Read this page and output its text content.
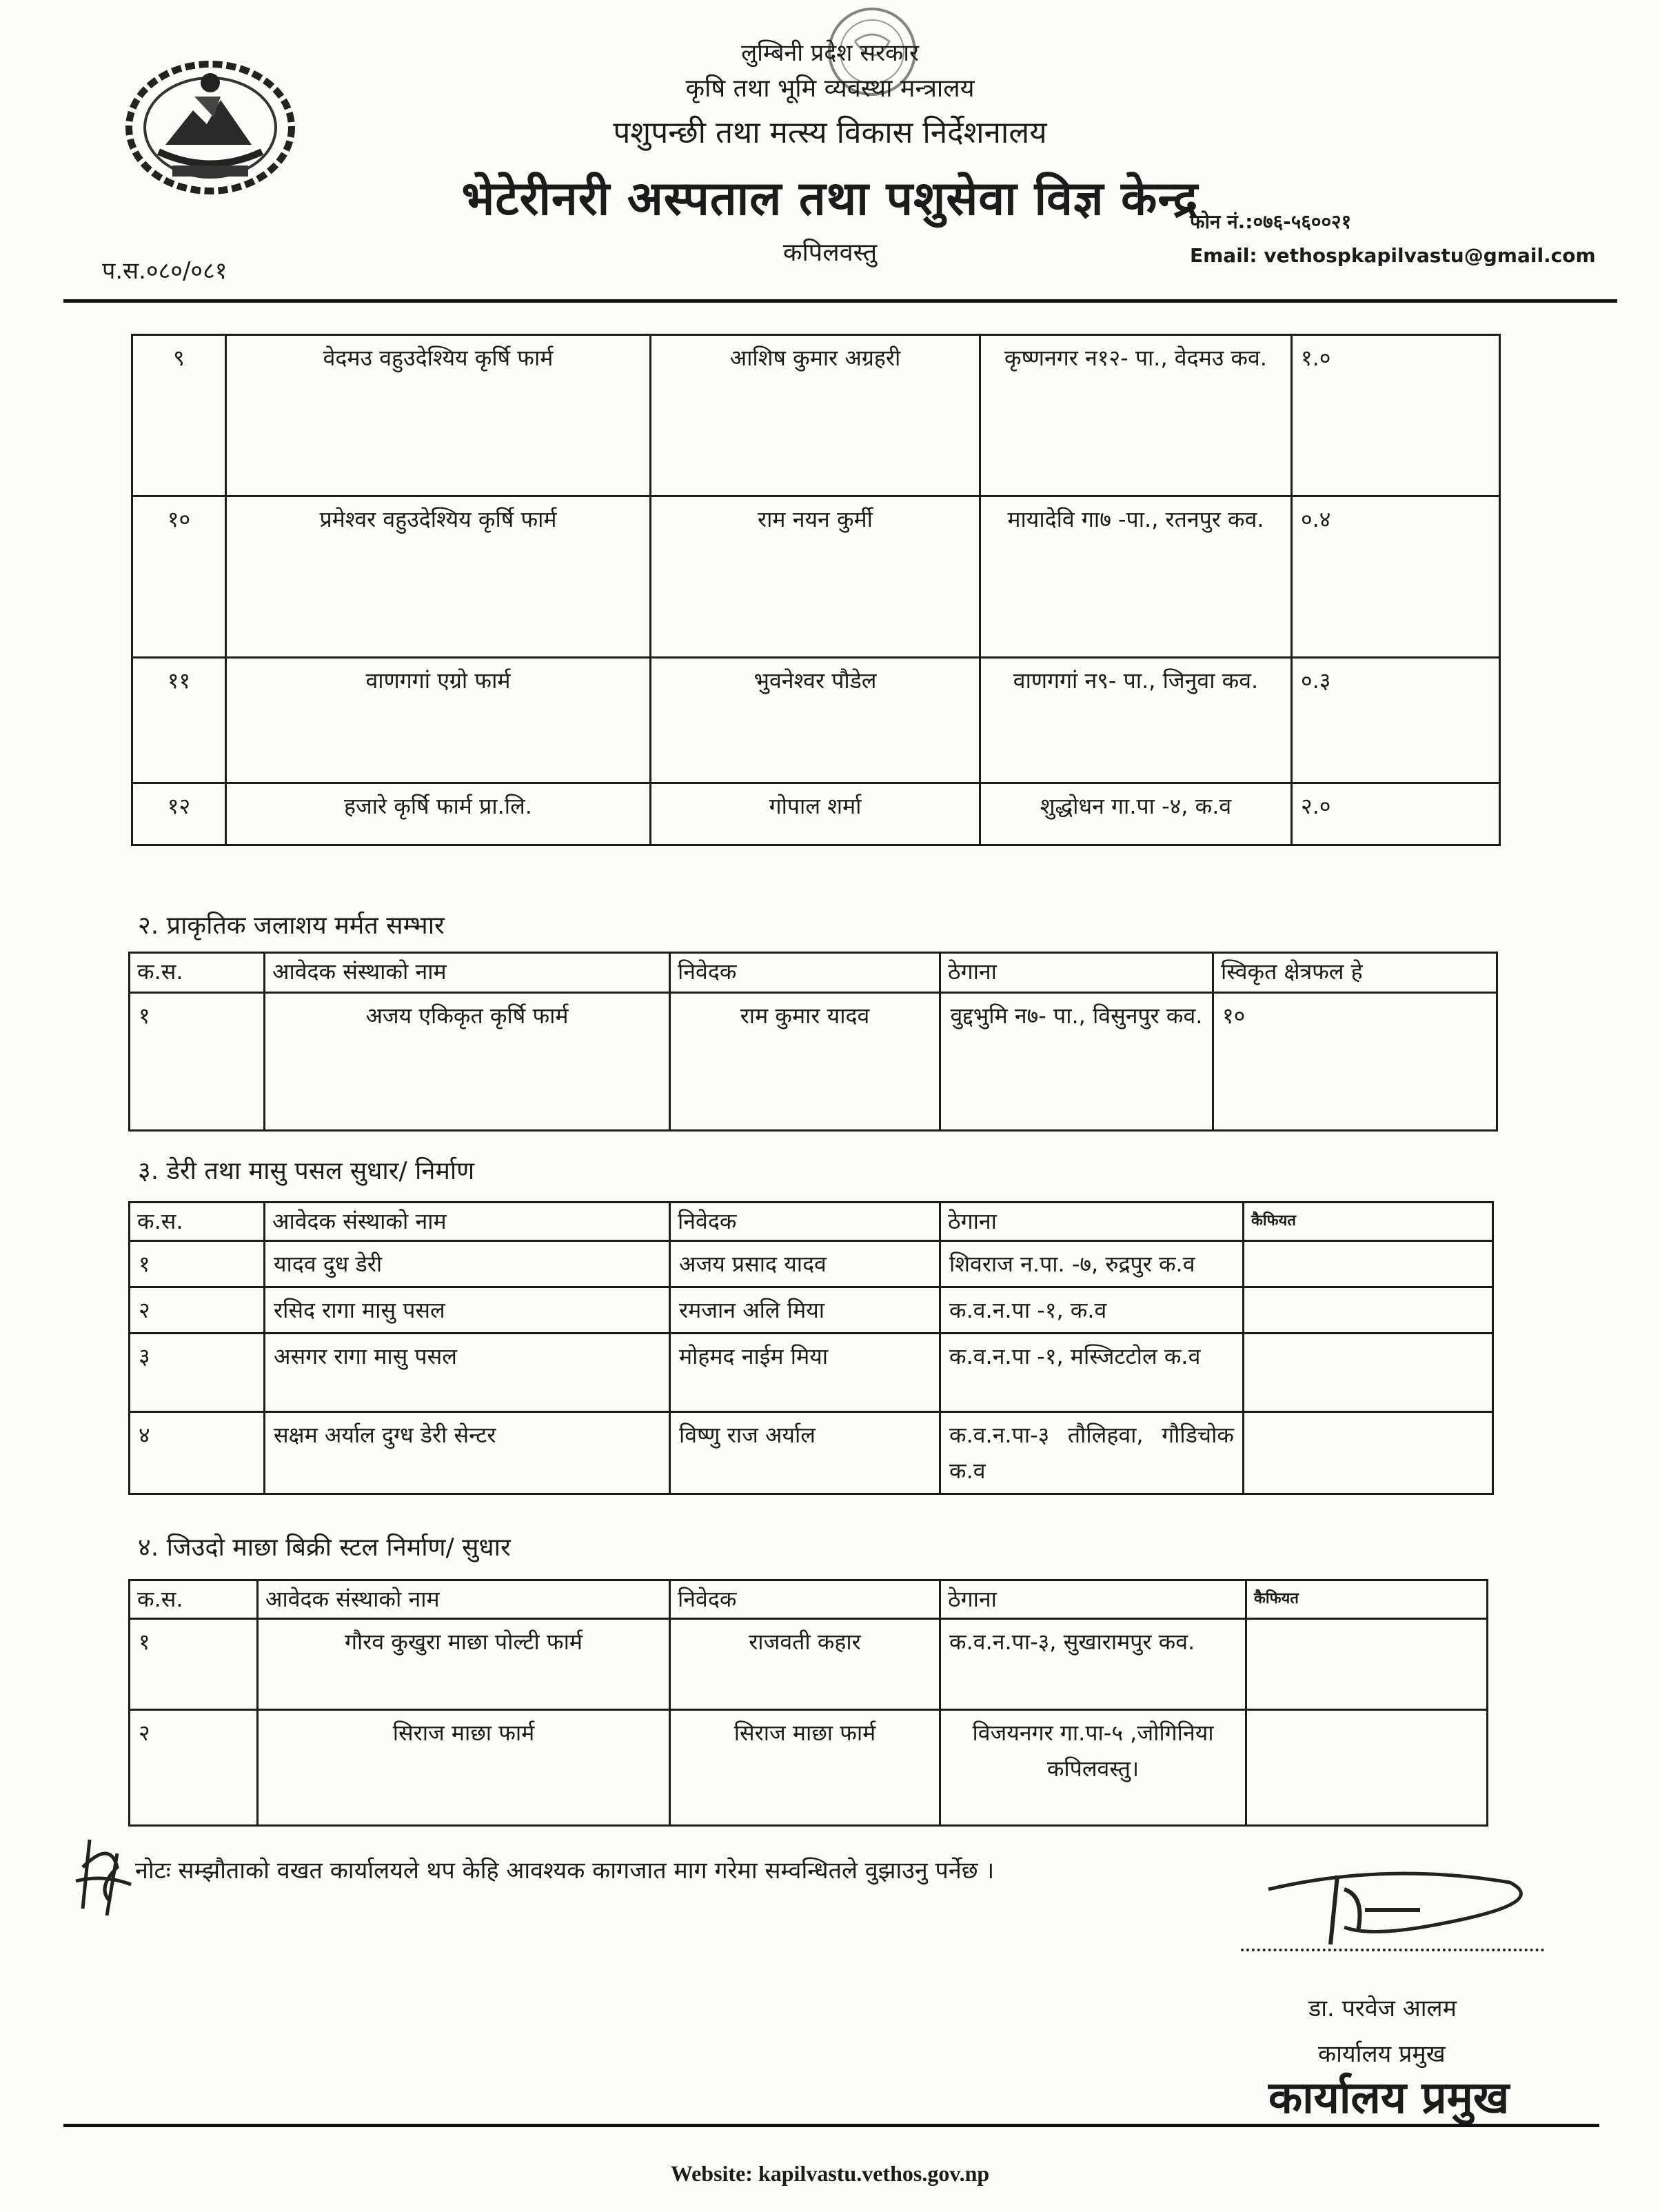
लुम्बिनी प्रदेश सरकार
कृषि तथा भूमि व्यवस्था मन्त्रालय
पशुपन्छी तथा मत्स्य विकास निर्देशनालय
भेटेरीनरी अस्पताल तथा पशुसेवा विज्ञ केन्द्र
कपिलवस्तु
प.स.०८०/०८१
फोन नं.:०७६-५६००२१
Email: vethospkapilvastu@gmail.com
९	वेदमउ वहुउदेश्यिय कृर्षि फार्म	आशिष कुमार अग्रहरी	कृष्णनगर न१२- पा., वेदमउ कव.	१.०
१०	प्रमेश्वर वहुउदेश्यिय कृर्षि फार्म	राम नयन कुर्मी	मायादेवि गा७ -पा., रतनपुर कव.	०.४
११	वाणगगां एग्रो फार्म	भुवनेश्वर पौडेल	वाणगगां न९- पा., जिनुवा कव.	०.३
१२	हजारे कृर्षि फार्म प्रा.लि.	गोपाल शर्मा	शुद्धोधन गा.पा -४, क.व	२.०
२. प्राकृतिक जलाशय मर्मत सम्भार
क.स.	आवेदक संस्थाको नाम	निवेदक	ठेगाना	स्विकृत क्षेत्रफल हे
१	अजय एकिकृत कृर्षि फार्म	राम कुमार यादव	वुद्दभुमि न७- पा., विसुनपुर कव.	१०
३. डेरी तथा मासु पसल सुधार/ निर्माण
क.स.	आवेदक संस्थाको नाम	निवेदक	ठेगाना	कैफियत
१	यादव दुध डेरी	अजय प्रसाद यादव	शिवराज न.पा. -७, रुद्रपुर क.व	
२	रसिद रागा मासु पसल	रमजान अलि मिया	क.व.न.पा -१, क.व	
३	असगर रागा मासु पसल	मोहमद नाईम मिया	क.व.न.पा -१, मस्जिटटोल क.व	
४	सक्षम अर्याल दुग्ध डेरी सेन्टर	विष्णु राज अर्याल	क.व.न.पा-३ तौलिहवा, गौडिचोक क.व	
४. जिउदो माछा बिक्री स्टल निर्माण/ सुधार
क.स.	आवेदक संस्थाको नाम	निवेदक	ठेगाना	कैफियत
१	गौरव कुखुरा माछा पोल्टी फार्म	राजवती कहार	क.व.न.पा-३, सुखारामपुर कव.	
२	सिराज माछा फार्म	सिराज माछा फार्म	विजयनगर गा.पा-५ ,जोगिनिया कपिलवस्तु।	
नोटः सम्झौताको वखत कार्यालयले थप केहि आवश्यक कागजात माग गरेमा सम्वन्धितले वुझाउनु पर्नेछ ।
डा. परवेज आलम
कार्यालय प्रमुख
कार्यालय प्रमुख
Website: kapilvastu.vethos.gov.np
